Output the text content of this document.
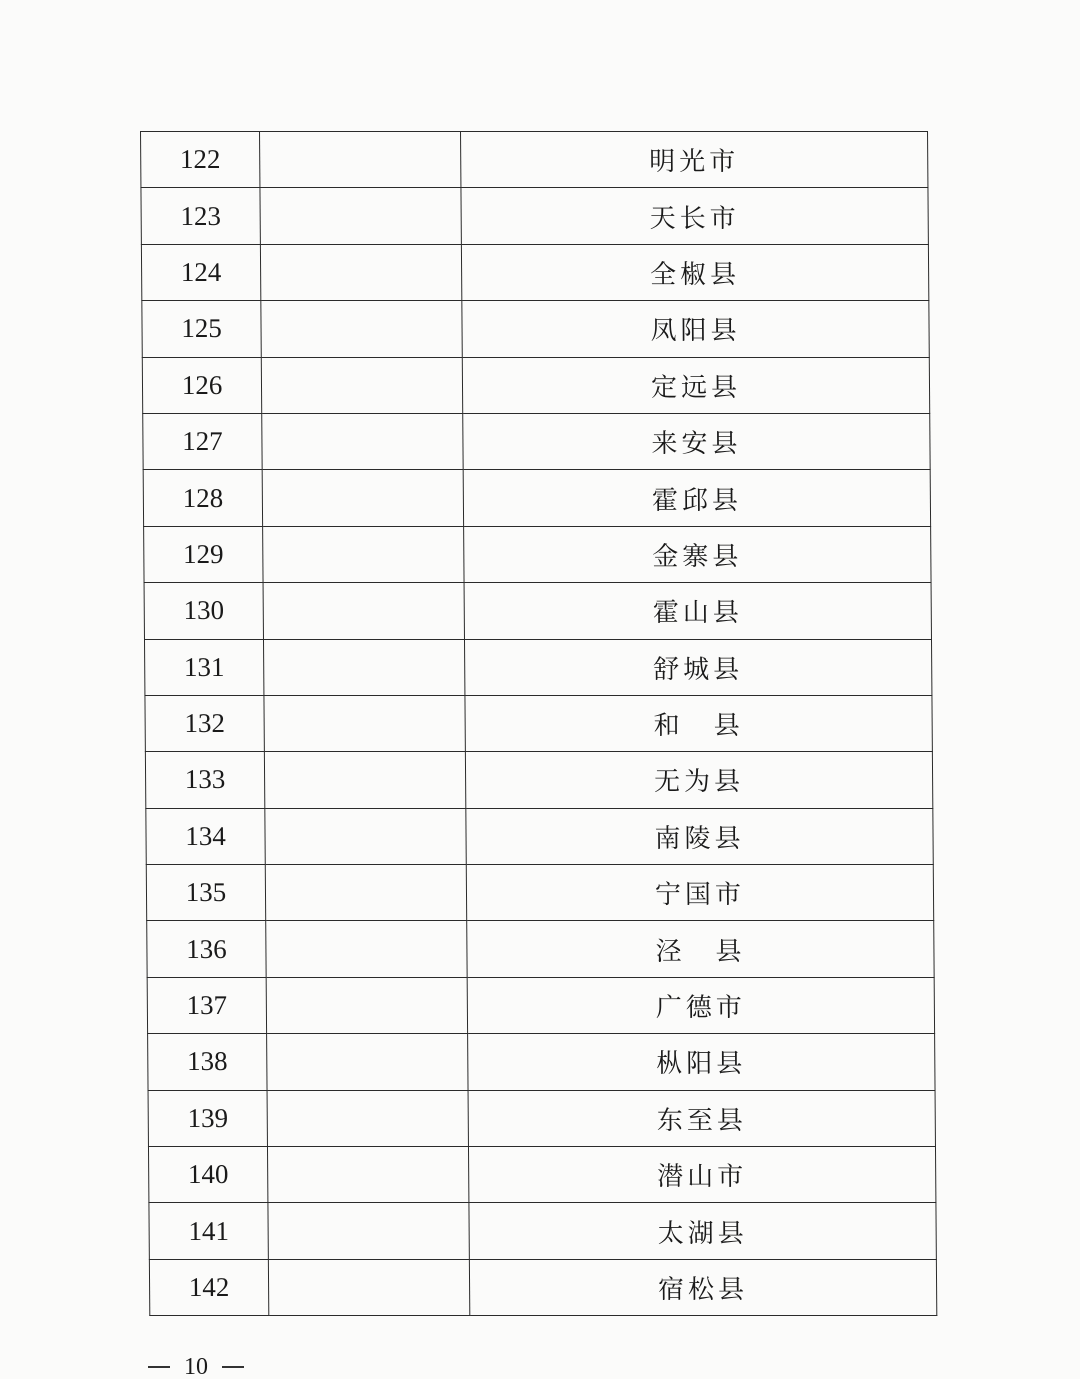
122		明光市
123		天长市
124		全椒县
125		凤阳县
126		定远县
127		来安县
128		霍邱县
129		金寨县
130		霍山县
131		舒城县
132		和　县
133		无为县
134		南陵县
135		宁国市
136		泾　县
137		广德市
138		枞阳县
139		东至县
140		潜山市
141		太湖县
142		宿松县
10
